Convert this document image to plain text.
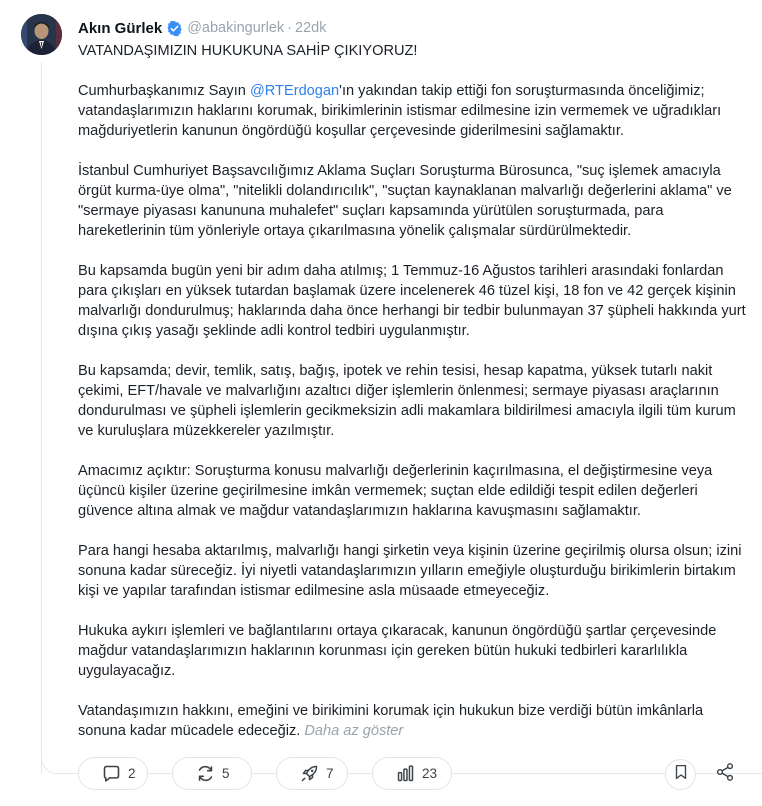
Akın Gürlek @abakingurlek · 22dk

VATANDAŞIMIZIN HUKUKUNA SAHİP ÇIKIYORUZ!

Cumhurbaşkanımız Sayın @RTErdogan'ın yakından takip ettiği fon soruşturmasında önceliğimiz; vatandaşlarımızın haklarını korumak, birikimlerinin istismar edilmesine izin vermemek ve uğradıkları mağduriyetlerin kanunun öngördüğü koşullar çerçevesinde giderilmesini sağlamaktır.

İstanbul Cumhuriyet Başsavcılığımız Aklama Suçları Soruşturma Bürosunca, "suç işlemek amacıyla örgüt kurma-üye olma", "nitelikli dolandırıcılık", "suçtan kaynaklanan malvarlığı değerlerini aklama" ve "sermaye piyasası kanununa muhalefet" suçları kapsamında yürütülen soruşturmada, para hareketlerinin tüm yönleriyle ortaya çıkarılmasına yönelik çalışmalar sürdürülmektedir.

Bu kapsamda bugün yeni bir adım daha atılmış; 1 Temmuz-16 Ağustos tarihleri arasındaki fonlardan para çıkışları en yüksek tutardan başlamak üzere incelenerek 46 tüzel kişi, 18 fon ve 42 gerçek kişinin malvarlığı dondurulmuş; haklarında daha önce herhangi bir tedbir bulunmayan 37 şüpheli hakkında yurt dışına çıkış yasağı şeklinde adli kontrol tedbiri uygulanmıştır.

Bu kapsamda; devir, temlik, satış, bağış, ipotek ve rehin tesisi, hesap kapatma, yüksek tutarlı nakit çekimi, EFT/havale ve malvarlığını azaltıcı diğer işlemlerin önlenmesi; sermaye piyasası araçlarının dondurulması ve şüpheli işlemlerin gecikmeksizin adli makamlara bildirilmesi amacıyla ilgili tüm kurum ve kuruluşlara müzekkereler yazılmıştır.

Amacımız açıktır: Soruşturma konusu malvarlığı değerlerinin kaçırılmasına, el değiştirmesine veya üçüncü kişiler üzerine geçirilmesine imkân vermemek; suçtan elde edildiği tespit edilen değerleri güvence altına almak ve mağdur vatandaşlarımızın haklarına kavuşmasını sağlamaktır.

Para hangi hesaba aktarılmış, malvarlığı hangi şirketin veya kişinin üzerine geçirilmiş olursa olsun; izini sonuna kadar süreceğiz. İyi niyetli vatandaşlarımızın yılların emeğiyle oluşturduğu birikimlerin birtakım kişi ve yapılar tarafından istismar edilmesine asla müsaade etmeyeceğiz.

Hukuka aykırı işlemleri ve bağlantılarını ortaya çıkaracak, kanunun öngördüğü şartlar çerçevesinde mağdur vatandaşlarımızın haklarının korunması için gereken bütün hukuki tedbirleri kararlılıkla uygulayacağız.

Vatandaşımızın hakkını, emeğini ve birikimini korumak için hukukun bize verdiği bütün imkânlarla sonuna kadar mücadele edeceğiz. Daha az göster

2	5	7	23
